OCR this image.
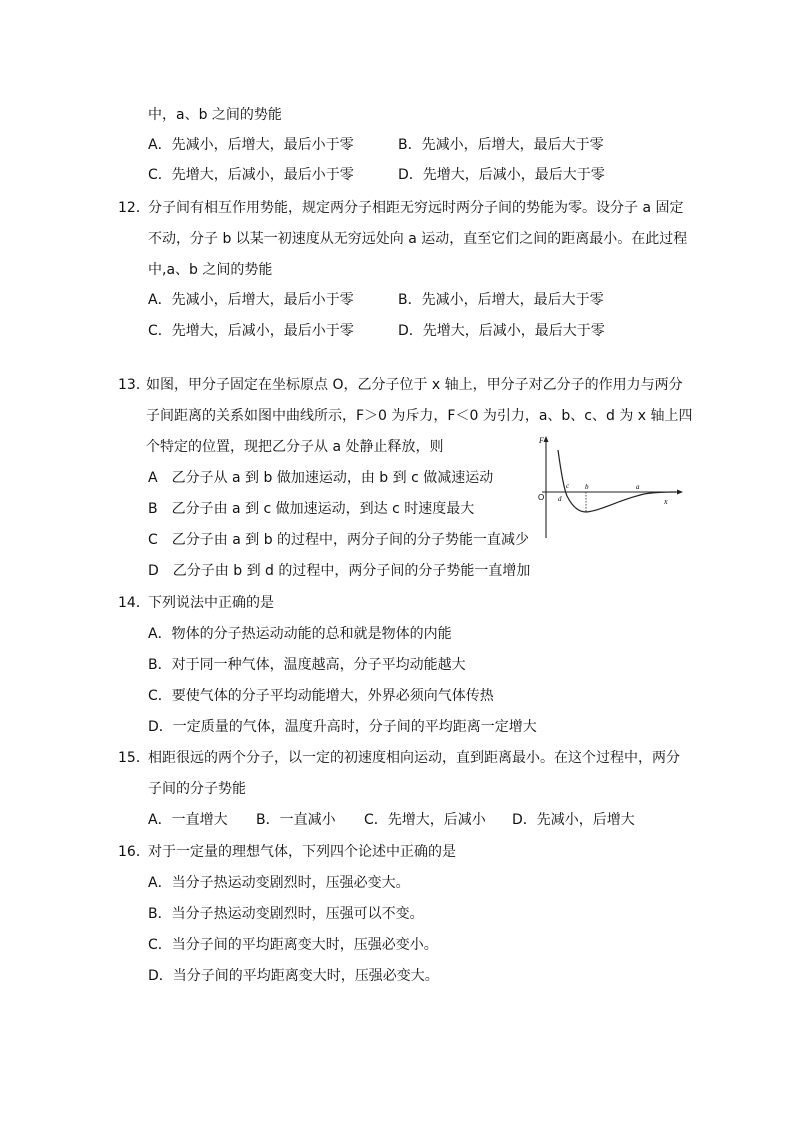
中，a、b 之间的势能
A．先减小，后增大，最后小于零	B．先减小，后增大，最后大于零
C．先增大，后减小，最后小于零	D．先增大，后减小，最后大于零
12．
分子间有相互作用势能，规定两分子相距无穷远时两分子间的势能为零。设分子 a 固定
不动，分子 b 以某一初速度从无穷远处向 a 运动，直至它们之间的距离最小。在此过程
中,a、b 之间的势能
A．先减小，后增大，最后小于零	B．先减小，后增大，最后大于零
C．先增大，后减小，最后小于零	D．先增大，后减小，最后大于零
13．
如图，甲分子固定在坐标原点 O，乙分子位于 x 轴上，甲分子对乙分子的作用力与两分
子间距离的关系如图中曲线所示，F＞0 为斥力，F＜0 为引力，a、b、c、d 为 x 轴上四
个特定的位置，现把乙分子从 a 处静止释放，则
A　乙分子从 a 到 b 做加速运动，由 b 到 c 做减速运动
B　乙分子由 a 到 c 做加速运动，到达 c 时速度最大
C　乙分子由 a 到 b 的过程中，两分子间的分子势能一直减少
D　乙分子由 b 到 d 的过程中，两分子间的分子势能一直增加
F
x
O d
c b	a
14．
下列说法中正确的是
A．物体的分子热运动动能的总和就是物体的内能
B．对于同一种气体，温度越高，分子平均动能越大
C．要使气体的分子平均动能增大，外界必须向气体传热
D．一定质量的气体，温度升高时，分子间的平均距离一定增大
15．
相距很远的两个分子，以一定的初速度相向运动，直到距离最小。在这个过程中，两分
子间的分子势能
A．一直增大 B．一直减小 C．先增大，后减小 D．先减小，后增大
16．
对于一定量的理想气体，下列四个论述中正确的是
A．当分子热运动变剧烈时，压强必变大。
B．当分子热运动变剧烈时，压强可以不变。
C．当分子间的平均距离变大时，压强必变小。
D．当分子间的平均距离变大时，压强必变大。
